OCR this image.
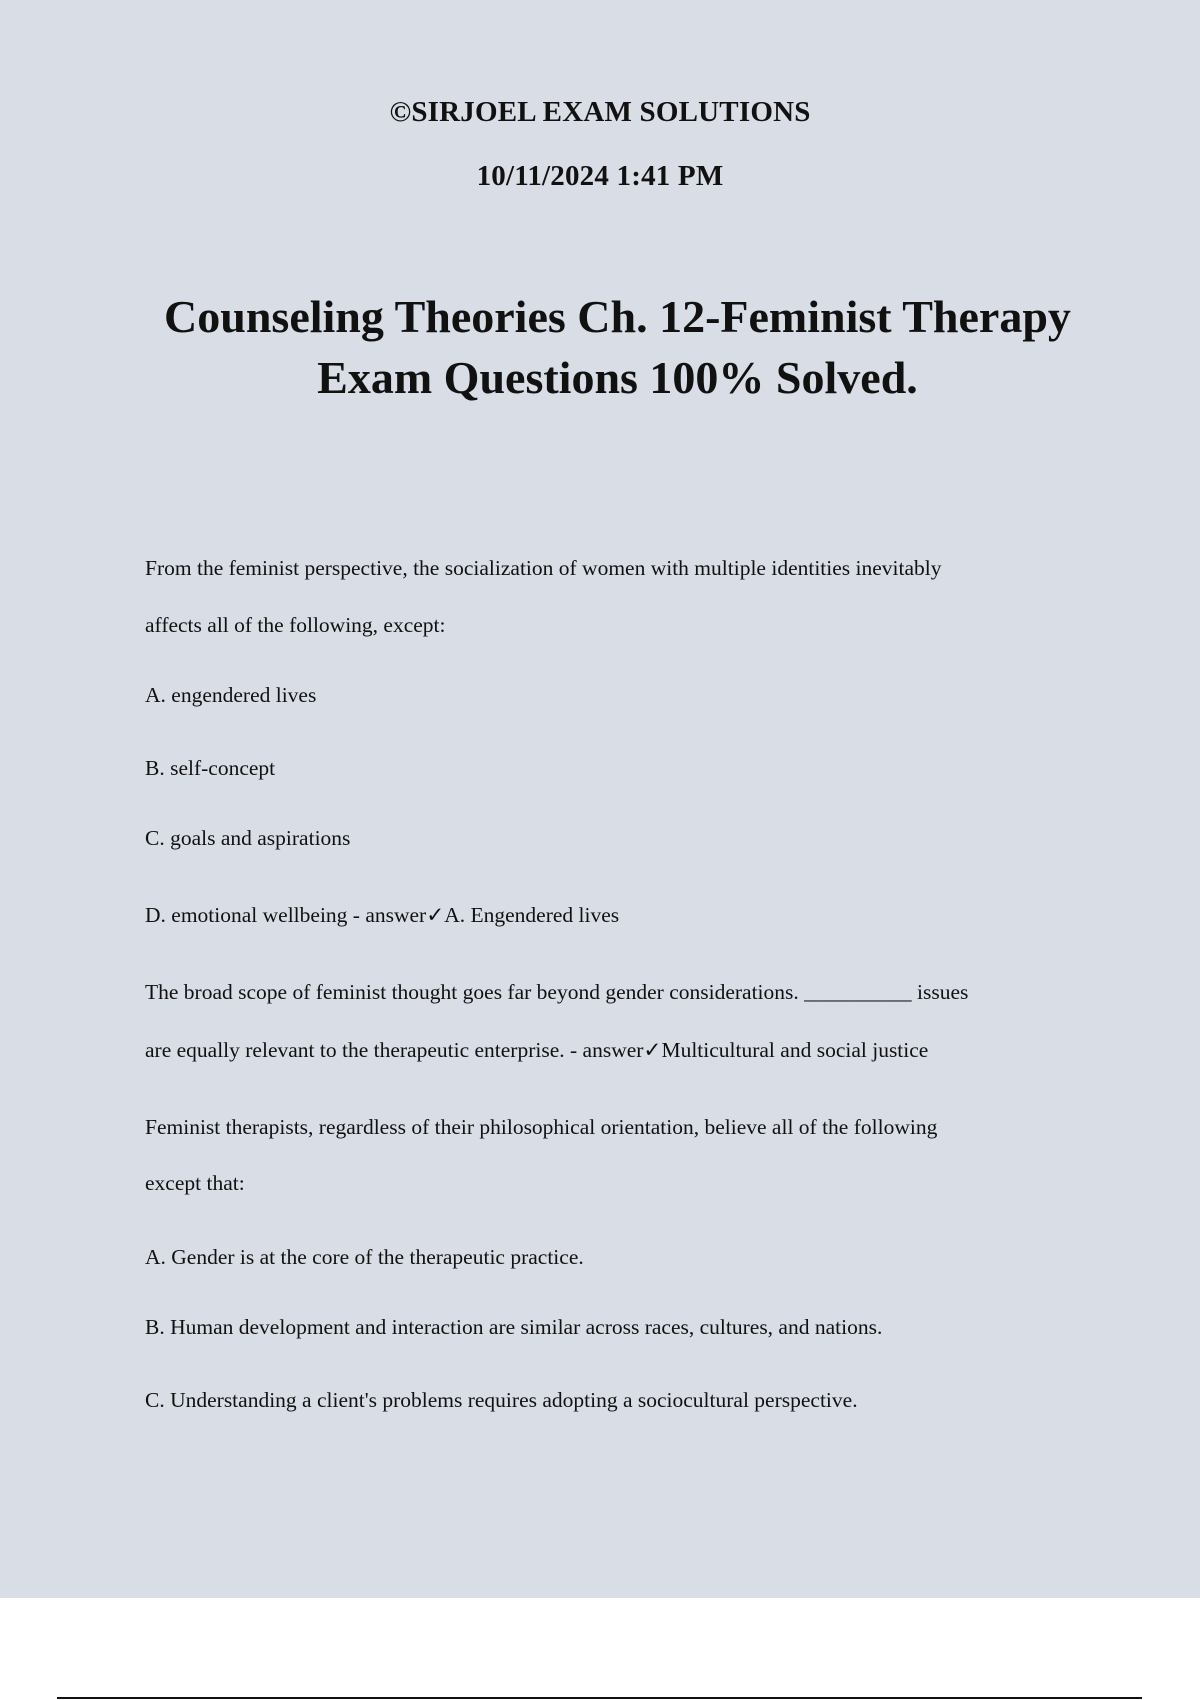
©SIRJOEL EXAM SOLUTIONS
10/11/2024 1:41 PM
Counseling Theories Ch. 12-Feminist Therapy Exam Questions 100% Solved.
From the feminist perspective, the socialization of women with multiple identities inevitably
affects all of the following, except:
A. engendered lives
B. self-concept
C. goals and aspirations
D. emotional wellbeing - answer✓A. Engendered lives
The broad scope of feminist thought goes far beyond gender considerations. __________ issues
are equally relevant to the therapeutic enterprise. - answer✓Multicultural and social justice
Feminist therapists, regardless of their philosophical orientation, believe all of the following
except that:
A. Gender is at the core of the therapeutic practice.
B. Human development and interaction are similar across races, cultures, and nations.
C. Understanding a client's problems requires adopting a sociocultural perspective.
